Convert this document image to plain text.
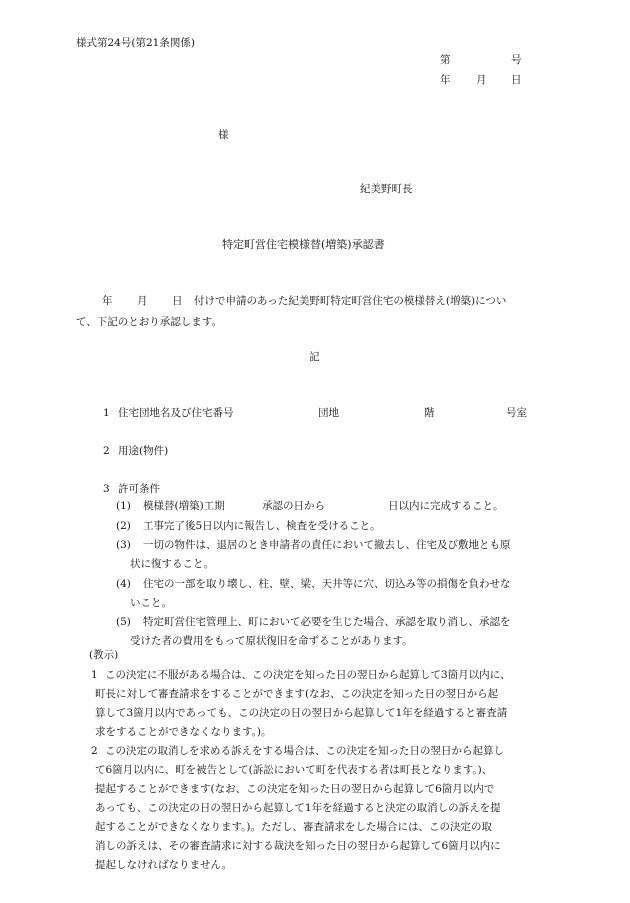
様式第24号(第21条関係)
第	号
年 月 日
様
紀美野町長
特定町営住宅模様替(増築)承認書
年 月 日 付けで申請のあった紀美野町特定町営住宅の模様替え(増築)につい
て、下記のとおり承認します。
記
1 住宅団地名及び住宅番号	団地	階	号室
2 用途(物件)
3 許可条件
(1) 模様替(増築)工期	承認の日から	日以内に完成すること。
(2) 工事完了後5日以内に報告し、検査を受けること。
(3) 一切の物件は、退居のとき申請者の責任において撤去し、住宅及び敷地とも原
状に復すること。
(4) 住宅の一部を取り壊し、柱、壁、梁、天井等に穴、切込み等の損傷を負わせな
いこと。
(5) 特定町営住宅管理上、町において必要を生じた場合、承認を取り消し、承認を
受けた者の費用をもって原状復旧を命ずることがあります。
(教示)
1 この決定に不服がある場合は、この決定を知った日の翌日から起算して3箇月以内に、
町長に対して審査請求をすることができます(なお、この決定を知った日の翌日から起
算して3箇月以内であっても、この決定の日の翌日から起算して1年を経過すると審査請
求をすることができなくなります。)。
2 この決定の取消しを求める訴えをする場合は、この決定を知った日の翌日から起算し
て6箇月以内に、町を被告として(訴訟において町を代表する者は町長となります。)、
提起することができます(なお、この決定を知った日の翌日から起算して6箇月以内で
あっても、この決定の日の翌日から起算して1年を経過すると決定の取消しの訴えを提
起することができなくなります。)。ただし、審査請求をした場合には、この決定の取
消しの訴えは、その審査請求に対する裁決を知った日の翌日から起算して6箇月以内に
提起しなければなりません。
